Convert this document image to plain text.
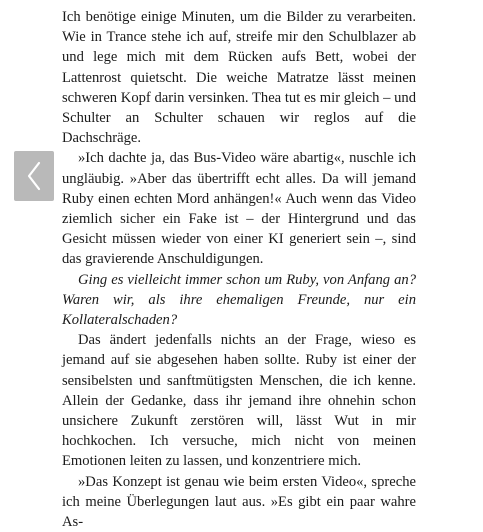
Ich benötige einige Minuten, um die Bilder zu verarbeiten. Wie in Trance stehe ich auf, streife mir den Schulblazer ab und lege mich mit dem Rücken aufs Bett, wobei der Lattenrost quietscht. Die weiche Matratze lässt meinen schweren Kopf darin versinken. Thea tut es mir gleich – und Schulter an Schulter schauen wir reglos auf die Dachschräge.

»Ich dachte ja, das Bus-Video wäre abartig«, nuschle ich ungläubig. »Aber das übertrifft echt alles. Da will jemand Ruby einen echten Mord anhängen!« Auch wenn das Video ziemlich sicher ein Fake ist – der Hintergrund und das Gesicht müssen wieder von einer KI generiert sein –, sind das gravierende Anschuldigungen.

Ging es vielleicht immer schon um Ruby, von Anfang an? Waren wir, als ihre ehemaligen Freunde, nur ein Kollateralschaden?

Das ändert jedenfalls nichts an der Frage, wieso es jemand auf sie abgesehen haben sollte. Ruby ist einer der sensibelsten und sanftmütigsten Menschen, die ich kenne. Allein der Gedanke, dass ihr jemand ihre ohnehin schon unsichere Zukunft zerstören will, lässt Wut in mir hochkochen. Ich versuche, mich nicht von meinen Emotionen leiten zu lassen, und konzentriere mich.

»Das Konzept ist genau wie beim ersten Video«, spreche ich meine Überlegungen laut aus. »Es gibt ein paar wahre As-
